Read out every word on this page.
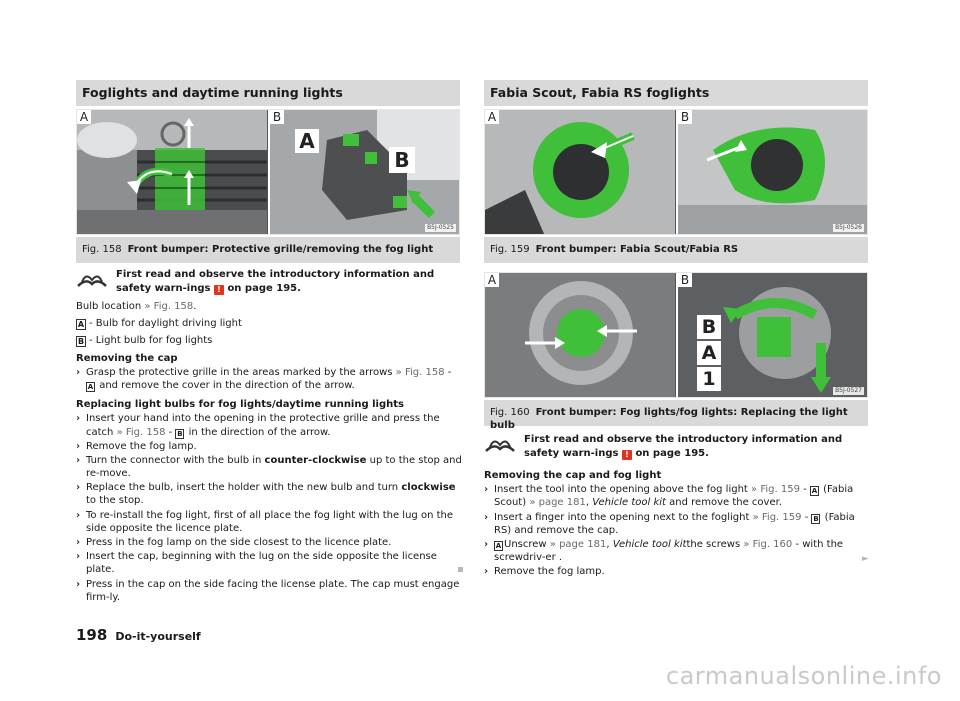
Foglights and daytime running lights
A	B
A
B
B5J-0525
Fig. 158 Front bumper: Protective grille/removing the fog light
First read and observe the introductory information and safety warn-ings ! on page 195.

Bulb location » Fig. 158.

A - Bulb for daylight driving light
B - Light bulb for fog lights
Removing the cap
› Grasp the protective grille in the areas marked by the arrows » Fig. 158 - A and remove the cover in the direction of the arrow.
Replacing light bulbs for fog lights/daytime running lights
› Insert your hand into the opening in the protective grille and press the catch » Fig. 158 - B in the direction of the arrow.
› Remove the fog lamp.
› Turn the connector with the bulb in counter-clockwise up to the stop and re-move.
› Replace the bulb, insert the holder with the new bulb and turn clockwise to the stop.
› To re-install the fog light, first of all place the fog light with the lug on the side opposite the licence plate.
› Press in the fog lamp on the side closest to the licence plate.
› Insert the cap, beginning with the lug on the side opposite the license plate.
› Press in the cap on the side facing the license plate. The cap must engage firm-ly.
Fabia Scout, Fabia RS foglights
A	B
B5J-0526
Fig. 159 Front bumper: Fabia Scout/Fabia RS
A	B
B
A
1
B5J-0527
Fig. 160 Front bumper: Fog lights/fog lights: Replacing the light bulb
First read and observe the introductory information and safety warn-ings ! on page 195.
Removing the cap and fog light
› Insert the tool into the opening above the fog light » Fig. 159 - A (Fabia Scout) » page 181, Vehicle tool kit and remove the cover.
› Insert a finger into the opening next to the foglight » Fig. 159 - B (Fabia RS) and remove the cap.
› A Unscrew » page 181, Vehicle tool kitthe screws » Fig. 160 - with the screwdriv-er .
› Remove the fog lamp.
►
198 Do-it-yourself
carmanualsonline.info
